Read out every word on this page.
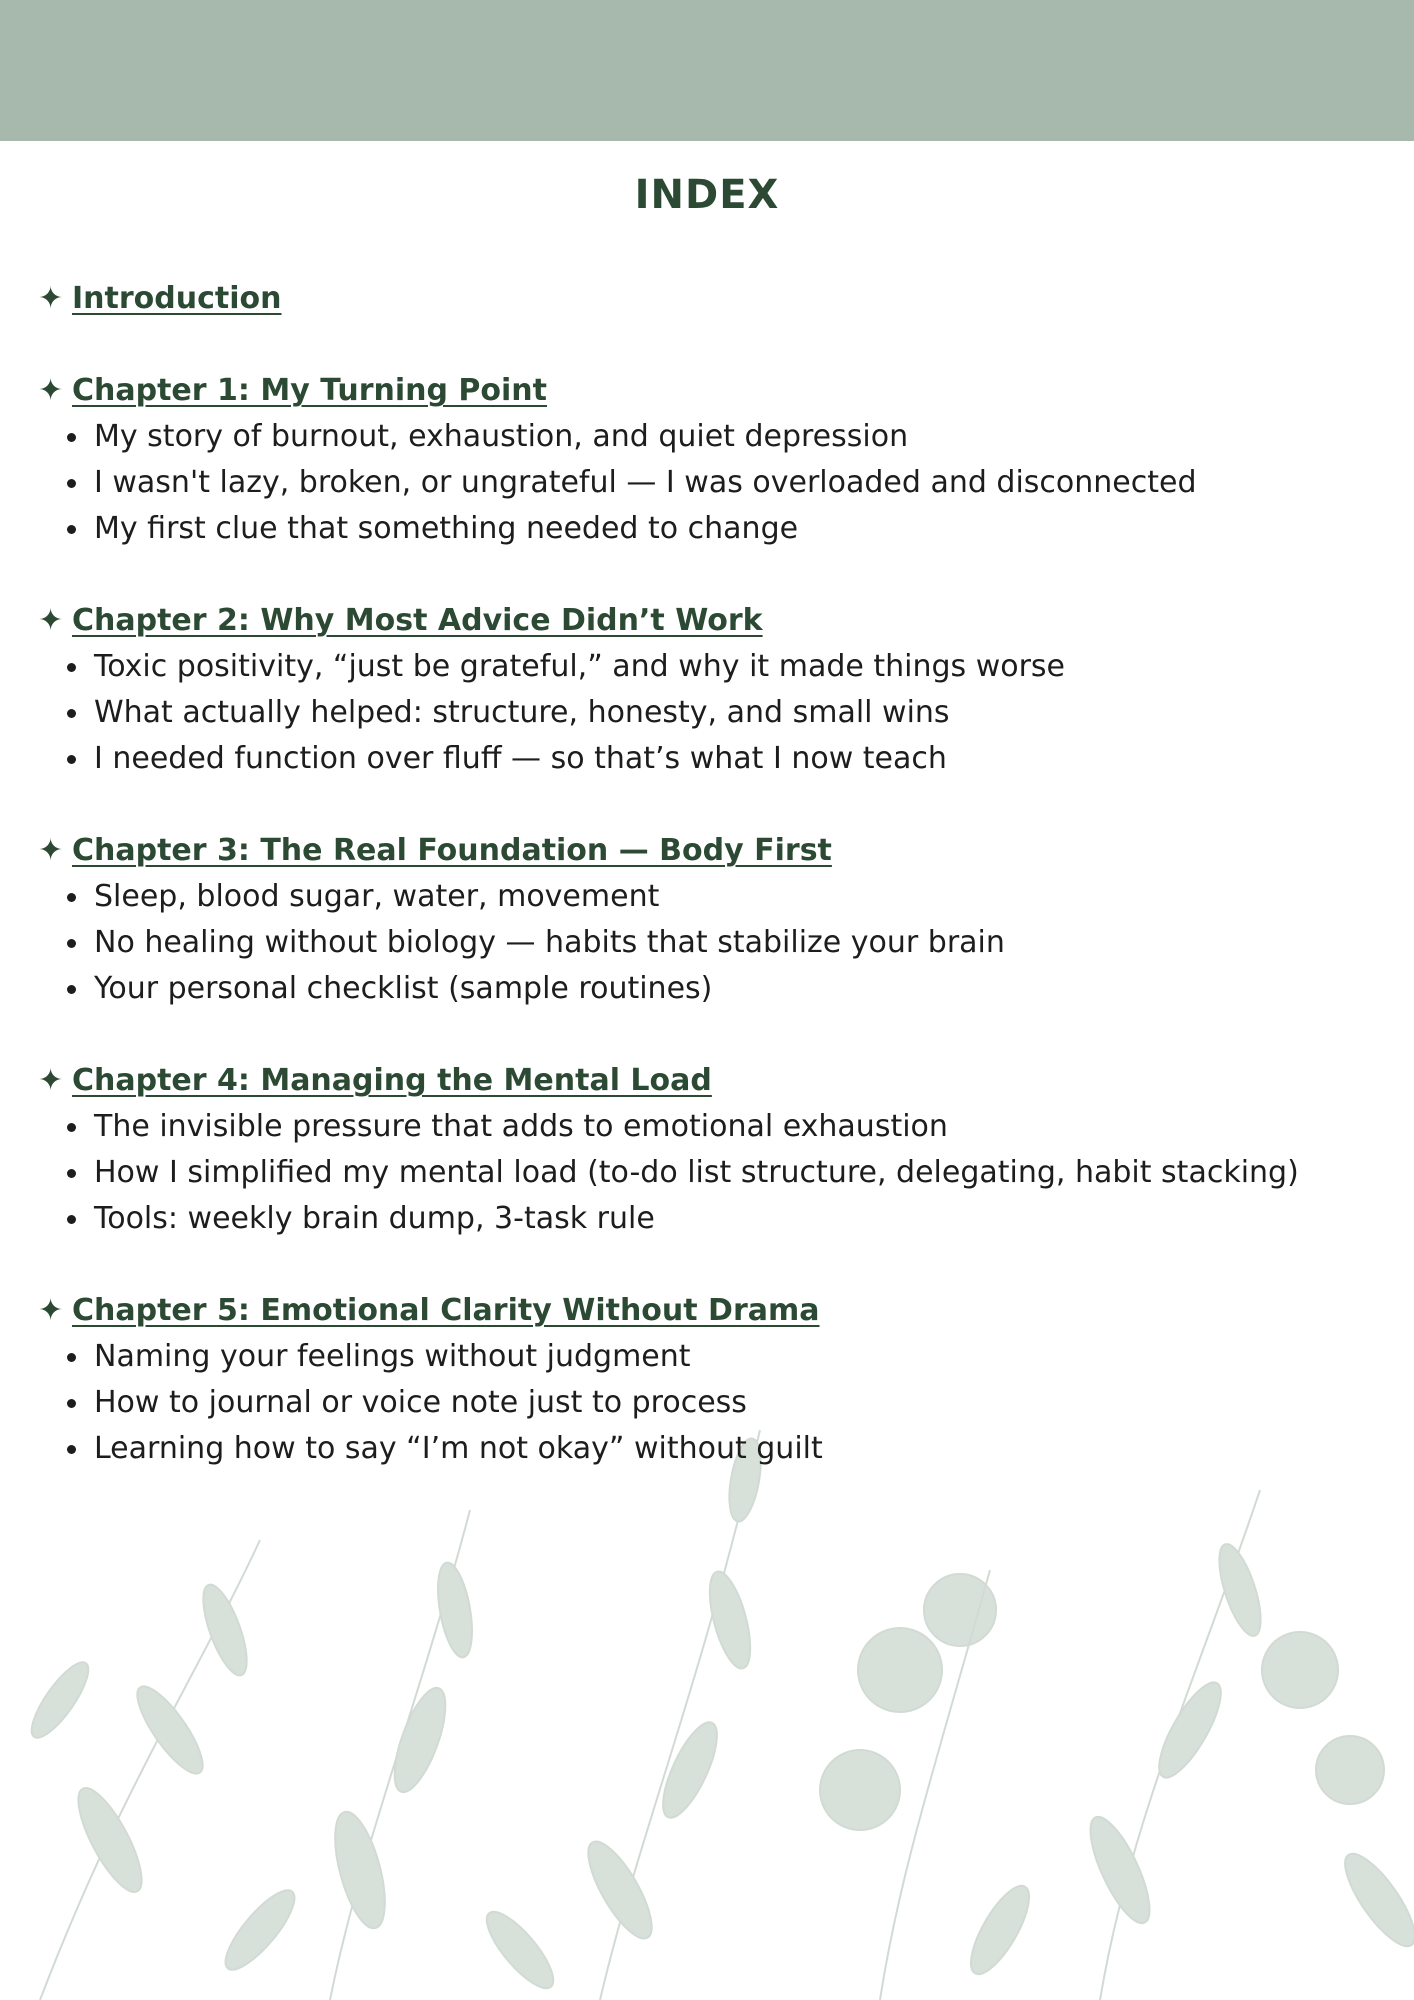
INDEX
✦ Introduction
✦ Chapter 1: My Turning Point
My story of burnout, exhaustion, and quiet depression
I wasn't lazy, broken, or ungrateful — I was overloaded and disconnected
My first clue that something needed to change
✦ Chapter 2: Why Most Advice Didn’t Work
Toxic positivity, “just be grateful,” and why it made things worse
What actually helped: structure, honesty, and small wins
I needed function over fluff — so that’s what I now teach
✦ Chapter 3: The Real Foundation — Body First
Sleep, blood sugar, water, movement
No healing without biology — habits that stabilize your brain
Your personal checklist (sample routines)
✦ Chapter 4: Managing the Mental Load
The invisible pressure that adds to emotional exhaustion
How I simplified my mental load (to-do list structure, delegating, habit stacking)
Tools: weekly brain dump, 3-task rule
✦ Chapter 5: Emotional Clarity Without Drama
Naming your feelings without judgment
How to journal or voice note just to process
Learning how to say “I’m not okay” without guilt
